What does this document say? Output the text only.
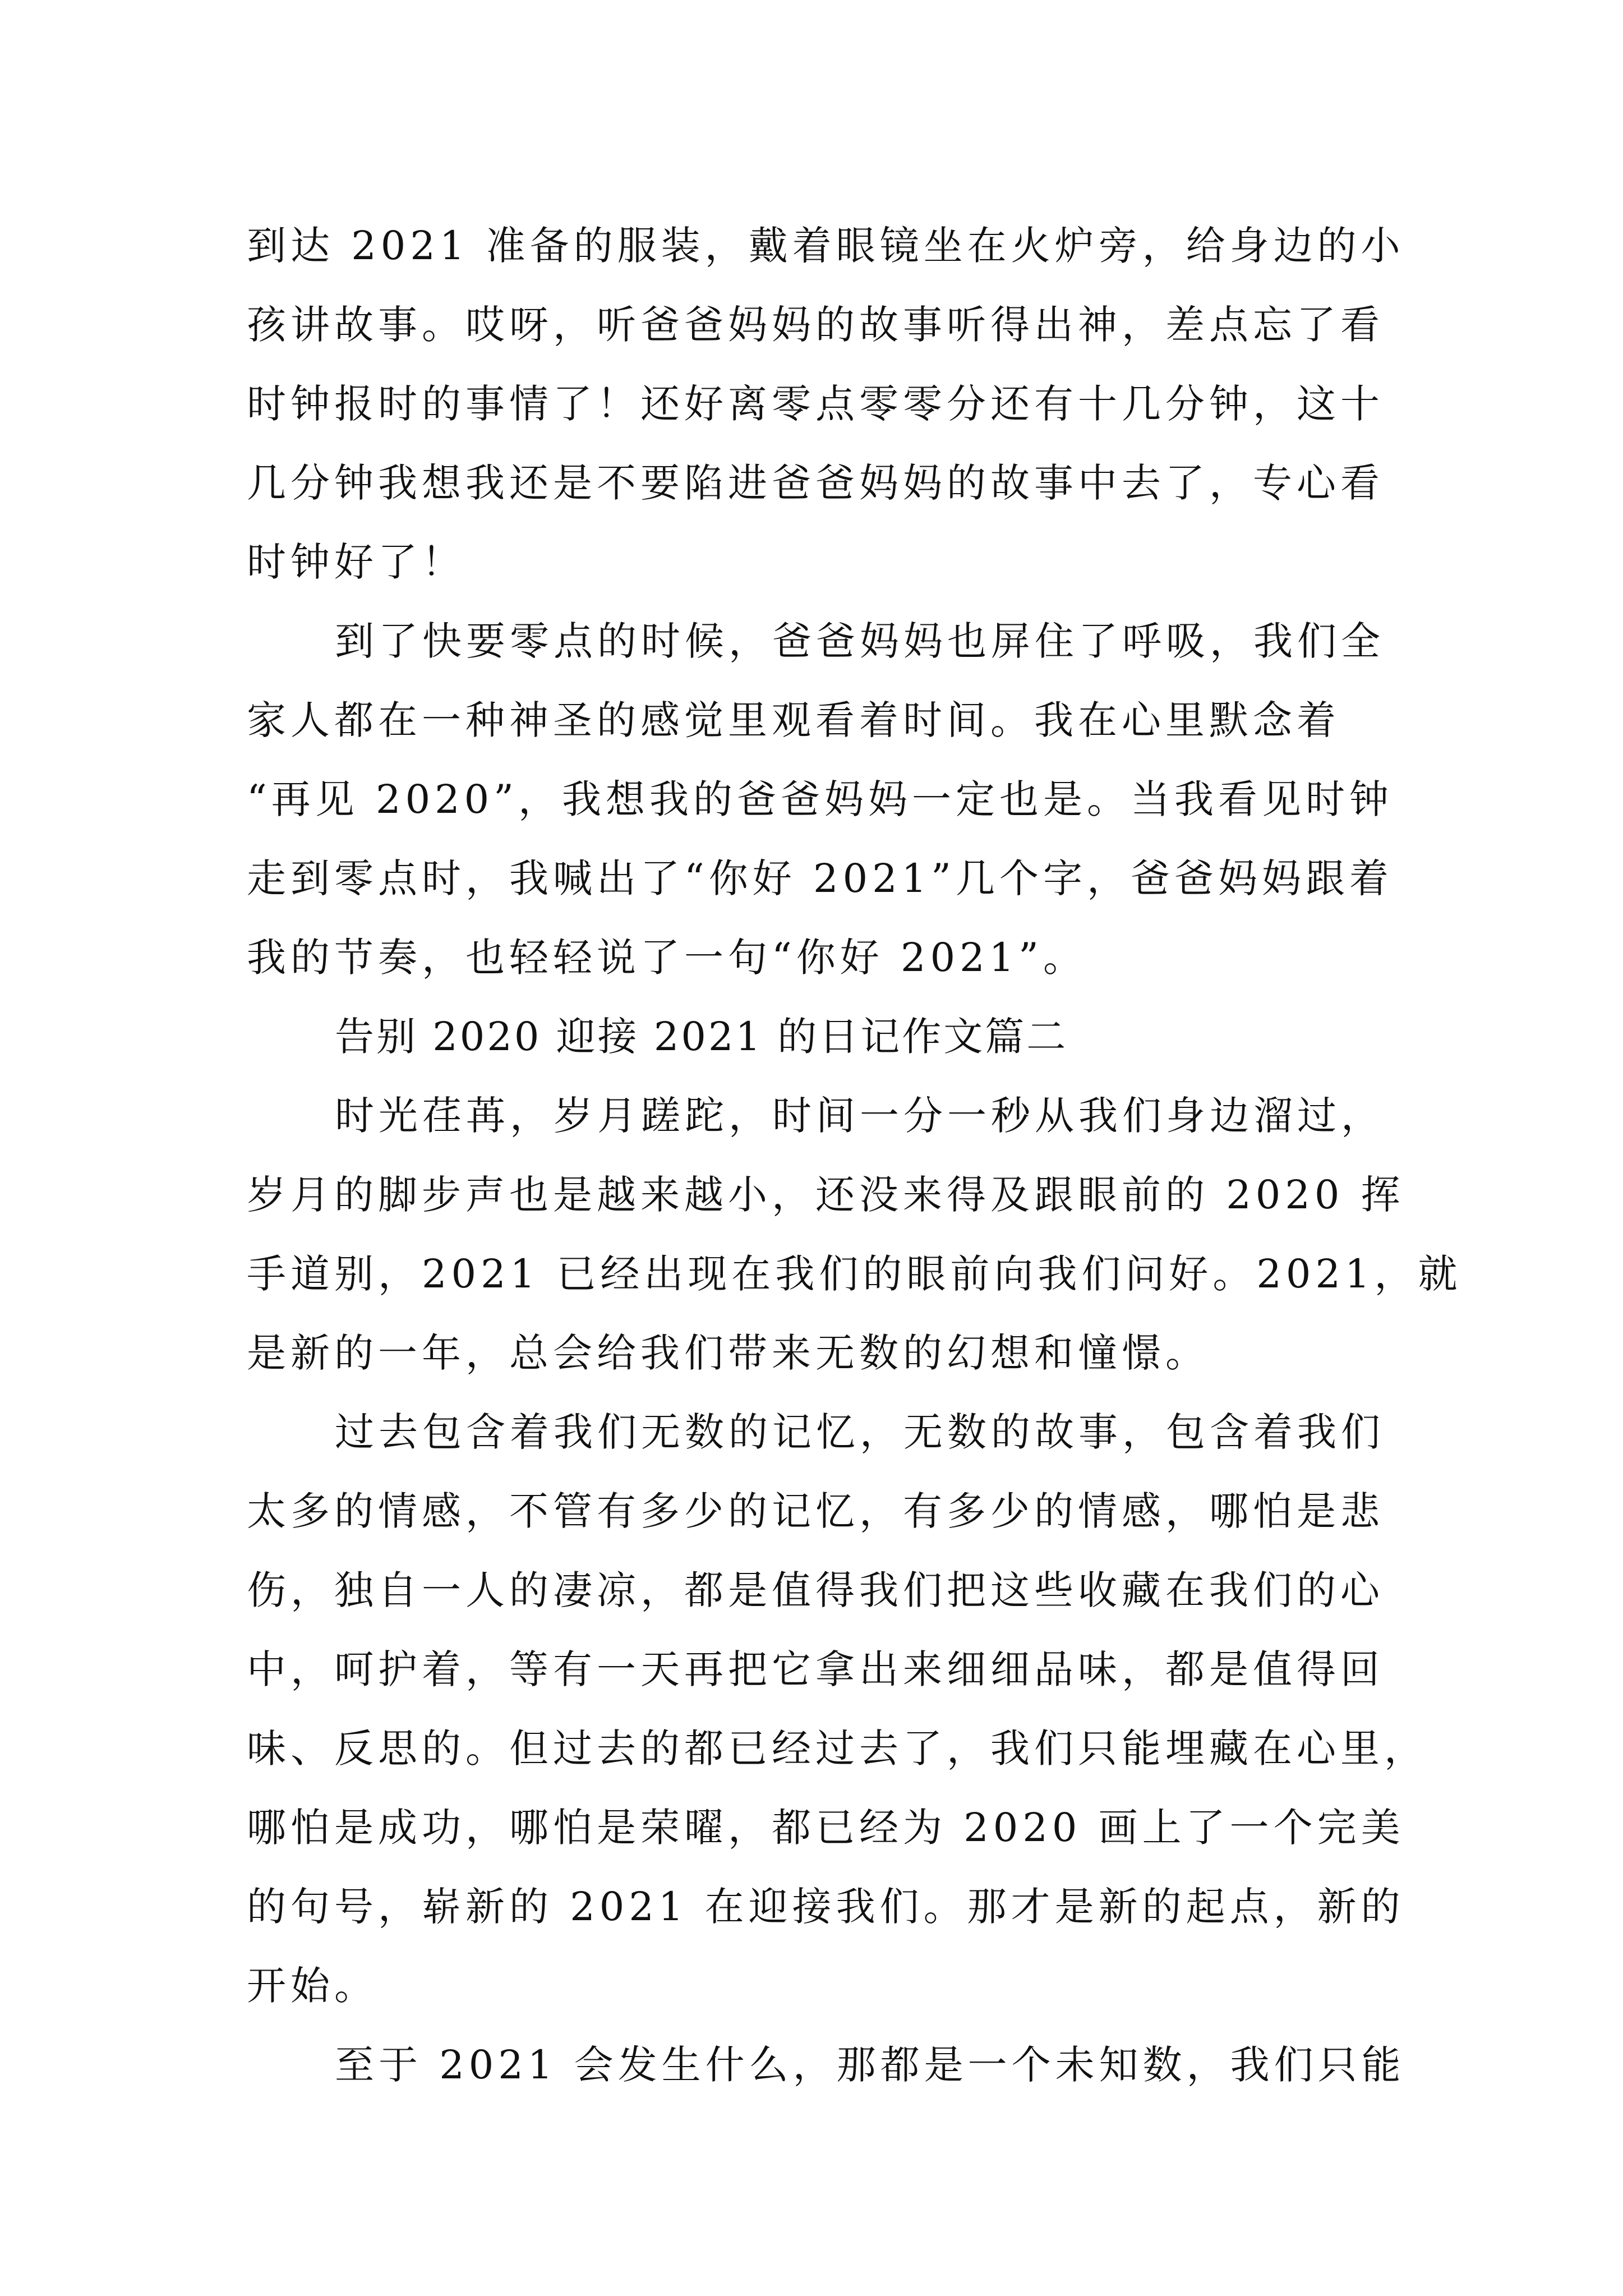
到达 2021 准备的服装，戴着眼镜坐在火炉旁，给身边的小
孩讲故事。哎呀，听爸爸妈妈的故事听得出神，差点忘了看
时钟报时的事情了！还好离零点零零分还有十几分钟，这十
几分钟我想我还是不要陷进爸爸妈妈的故事中去了，专心看
时钟好了！
到了快要零点的时候，爸爸妈妈也屏住了呼吸，我们全
家人都在一种神圣的感觉里观看着时间。我在心里默念着
“再见 2020”，我想我的爸爸妈妈一定也是。当我看见时钟
走到零点时，我喊出了“你好 2021”几个字，爸爸妈妈跟着
我的节奏，也轻轻说了一句“你好 2021”。
告别 2020 迎接 2021 的日记作文篇二
时光荏苒，岁月蹉跎，时间一分一秒从我们身边溜过，
岁月的脚步声也是越来越小，还没来得及跟眼前的 2020 挥
手道别，2021 已经出现在我们的眼前向我们问好。2021，就
是新的一年，总会给我们带来无数的幻想和憧憬。
过去包含着我们无数的记忆，无数的故事，包含着我们
太多的情感，不管有多少的记忆，有多少的情感，哪怕是悲
伤，独自一人的凄凉，都是值得我们把这些收藏在我们的心
中，呵护着，等有一天再把它拿出来细细品味，都是值得回
味、反思的。但过去的都已经过去了，我们只能埋藏在心里，
哪怕是成功，哪怕是荣曜，都已经为 2020 画上了一个完美
的句号，崭新的 2021 在迎接我们。那才是新的起点，新的
开始。
至于 2021 会发生什么，那都是一个未知数，我们只能
